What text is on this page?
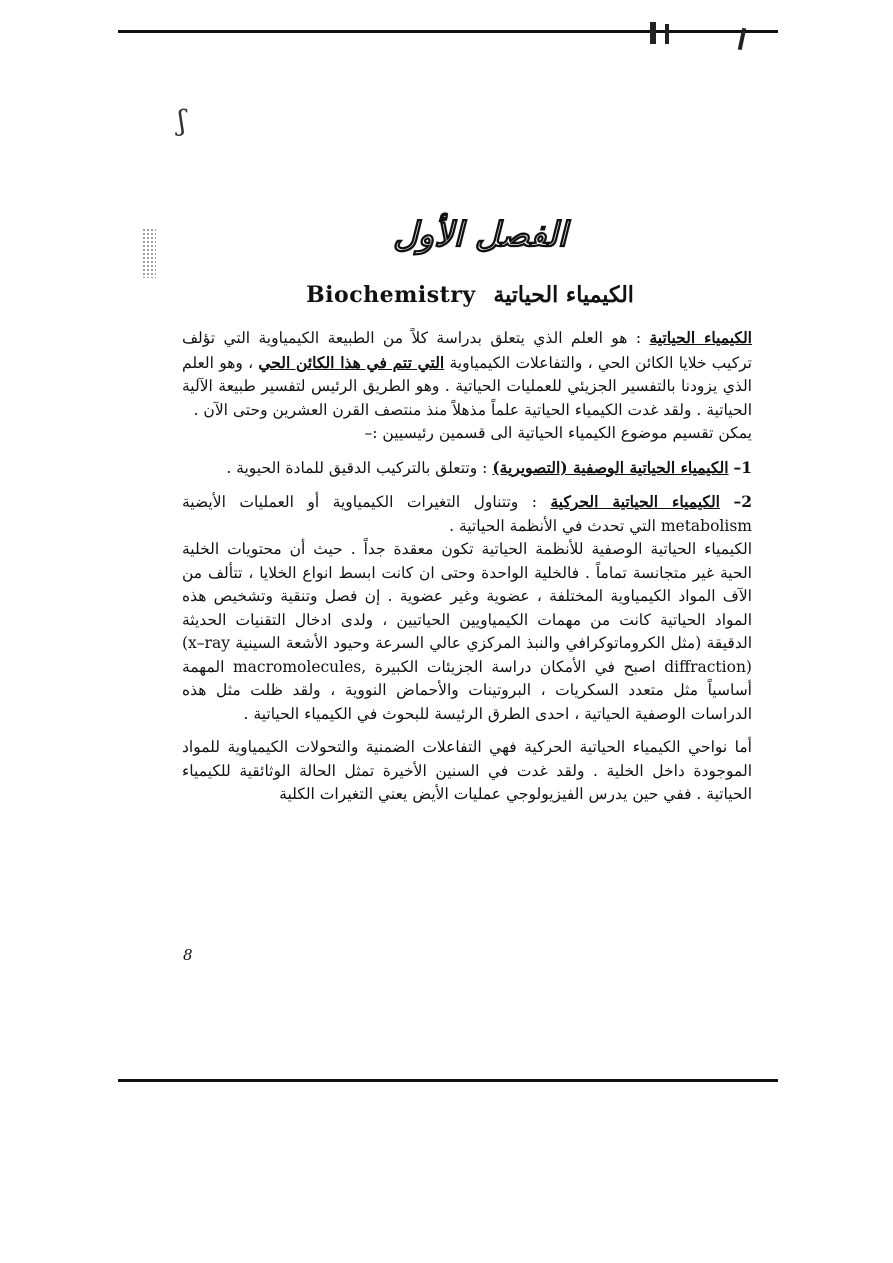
ʃ
الفصل الأول
الكيمياء الحياتية Biochemistry

الكيمياء الحياتية : هو العلم الذي يتعلق بدراسة كلاً من الطبيعة الكيمياوية التي تؤلف تركيب خلايا الكائن الحي ، والتفاعلات الكيمياوية التي تتم في هذا الكائن الحي ، وهو العلم الذي يزودنا بالتفسير الجزيئي للعمليات الحياتية . وهو الطريق الرئيس لتفسير طبيعة الآلية الحياتية . ولقد غدت الكيمياء الحياتية علماً مذهلاً منذ منتصف القرن العشرين وحتى الآن .

يمكن تقسيم موضوع الكيمياء الحياتية الى قسمين رئيسيين :–

1– الكيمياء الحياتية الوصفية (التصويرية) : وتتعلق بالتركيب الدقيق للمادة الحيوية .

2– الكيمياء الحياتية الحركية : وتتناول التغيرات الكيمياوية أو العمليات الأيضية metabolism التي تحدث في الأنظمة الحياتية .

الكيمياء الحياتية الوصفية للأنظمة الحياتية تكون معقدة جداً . حيث أن محتويات الخلية الحية غير متجانسة تماماً . فالخلية الواحدة وحتى ان كانت ابسط انواع الخلايا ، تتألف من الآف المواد الكيمياوية المختلفة ، عضوية وغير عضوية . إن فصل وتنقية وتشخيص هذه المواد الحياتية كانت من مهمات الكيمياويين الحياتيين ، ولدى ادخال التقنيات الحديثة الدقيقة (مثل الكروماتوكرافي والنبذ المركزي عالي السرعة وحيود الأشعة السينية (x–ray diffraction) اصبح في الأمكان دراسة الجزيئات الكبيرة macromolecules, المهمة أساسياً مثل متعدد السكريات ، البروتينات والأحماض النووية ، ولقد ظلت مثل هذه الدراسات الوصفية الحياتية ، احدى الطرق الرئيسة للبحوث في الكيمياء الحياتية .

أما نواحي الكيمياء الحياتية الحركية فهي التفاعلات الضمنية والتحولات الكيمياوية للمواد الموجودة داخل الخلية . ولقد غدت في السنين الأخيرة تمثل الحالة الوثائقية للكيمياء الحياتية . ففي حين يدرس الفيزيولوجي عمليات الأيض يعني التغيرات الكلية

8
